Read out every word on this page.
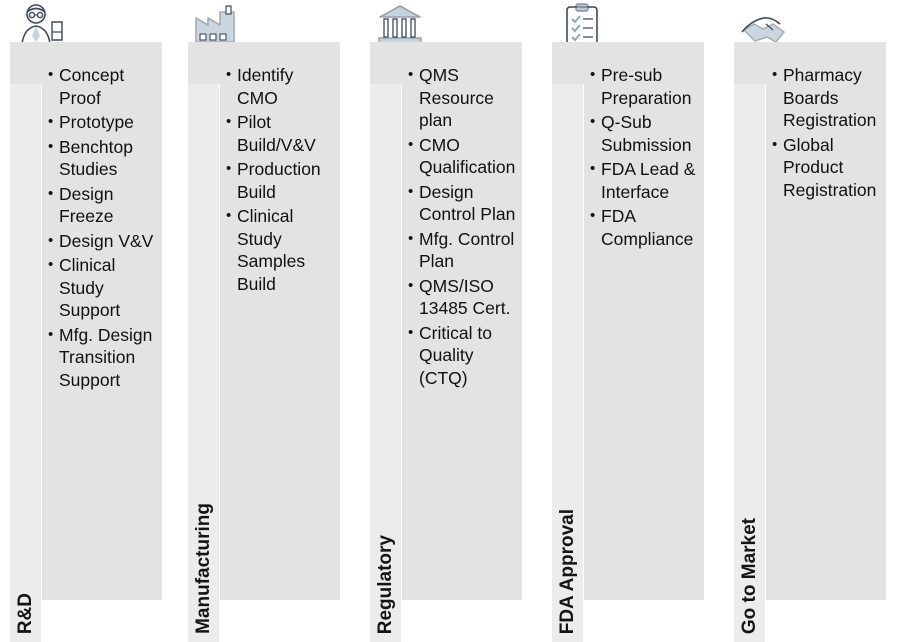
R&D
• Concept Proof
• Prototype
• Benchtop Studies
• Design Freeze
• Design V&V
• Clinical Study Support
• Mfg. Design Transition Support
Manufacturing
• Identify CMO
• Pilot Build/V&V
• Production Build
• Clinical Study Samples Build
Regulatory
• QMS Resource plan
• CMO Qualification
• Design Control Plan
• Mfg. Control Plan
• QMS/ISO 13485 Cert.
• Critical to Quality (CTQ)
FDA Approval
• Pre-sub Preparation
• Q-Sub Submission
• FDA Lead & Interface
• FDA Compliance
Go to Market
• Pharmacy Boards Registration
• Global Product Registration
